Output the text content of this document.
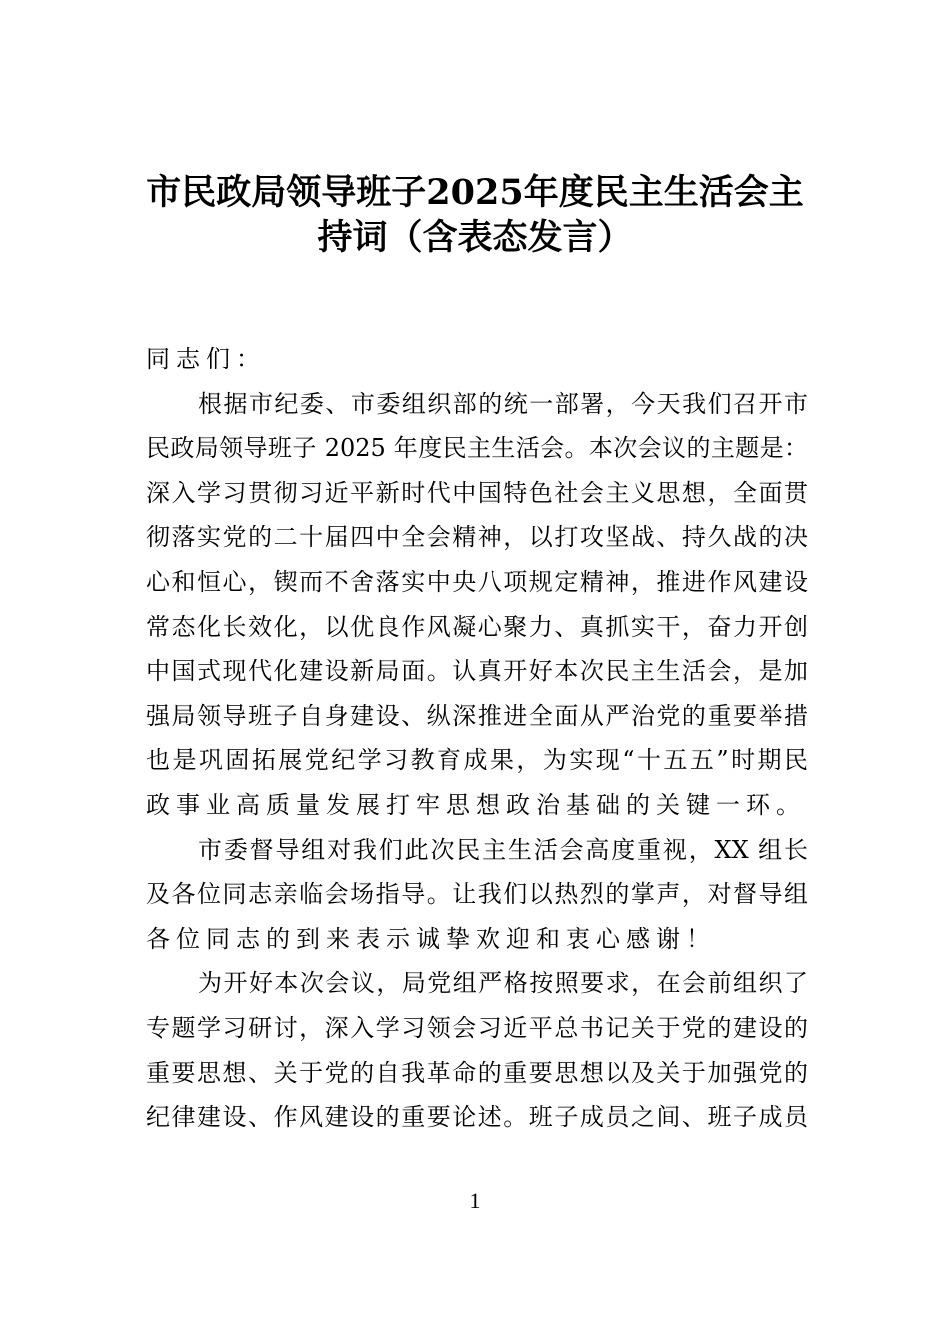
市民政局领导班子2025年度民主生活会主
持词（含表态发言）
同志们：
根据市纪委、市委组织部的统一部署，今天我们召开市
民政局领导班子 2025 年度民主生活会。本次会议的主题是：
深入学习贯彻习近平新时代中国特色社会主义思想，全面贯
彻落实党的二十届四中全会精神，以打攻坚战、持久战的决
心和恒心，锲而不舍落实中央八项规定精神，推进作风建设
常态化长效化，以优良作风凝心聚力、真抓实干，奋力开创
中国式现代化建设新局面。认真开好本次民主生活会，是加
强局领导班子自身建设、纵深推进全面从严治党的重要举措
也是巩固拓展党纪学习教育成果，为实现“十五五”时期民
政事业高质量发展打牢思想政治基础的关键一环。
市委督导组对我们此次民主生活会高度重视，XX 组长
及各位同志亲临会场指导。让我们以热烈的掌声，对督导组
各位同志的到来表示诚挚欢迎和衷心感谢！
为开好本次会议，局党组严格按照要求，在会前组织了
专题学习研讨，深入学习领会习近平总书记关于党的建设的
重要思想、关于党的自我革命的重要思想以及关于加强党的
纪律建设、作风建设的重要论述。班子成员之间、班子成员
1
